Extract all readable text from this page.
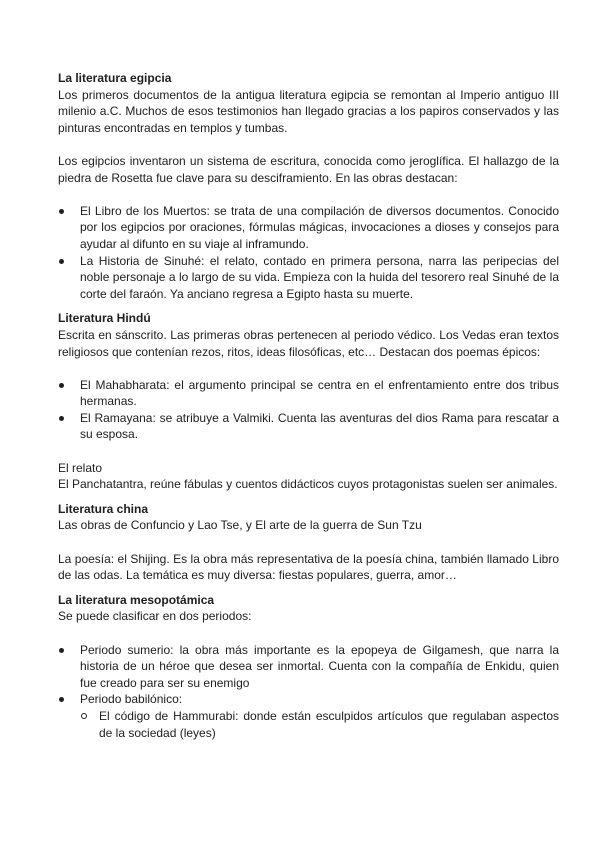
La literatura egipcia

Los primeros documentos de la antigua literatura egipcia se remontan al Imperio antiguo III milenio a.C. Muchos de esos testimonios han llegado gracias a los papiros conservados y las pinturas encontradas en templos y tumbas.

Los egipcios inventaron un sistema de escritura, conocida como jeroglífica. El hallazgo de la piedra de Rosetta fue clave para su desciframiento. En las obras destacan:

El Libro de los Muertos: se trata de una compilación de diversos documentos. Conocido por los egipcios por oraciones, fórmulas mágicas, invocaciones a dioses y consejos para ayudar al difunto en su viaje al inframundo.
La Historia de Sinuhé: el relato, contado en primera persona, narra las peripecias del noble personaje a lo largo de su vida. Empieza con la huida del tesorero real Sinuhé de la corte del faraón. Ya anciano regresa a Egipto hasta su muerte.
Literatura Hindú

Escrita en sánscrito. Las primeras obras pertenecen al periodo védico. Los Vedas eran textos religiosos que contenían rezos, ritos, ideas filosóficas, etc… Destacan dos poemas épicos:

El Mahabharata: el argumento principal se centra en el enfrentamiento entre dos tribus hermanas.
El Ramayana: se atribuye a Valmiki. Cuenta las aventuras del dios Rama para rescatar a su esposa.

El relato

El Panchatantra, reúne fábulas y cuentos didácticos cuyos protagonistas suelen ser animales.

Literatura china

Las obras de Confuncio y Lao Tse, y El arte de la guerra de Sun Tzu

La poesía: el Shijing. Es la obra más representativa de la poesía china, también llamado Libro de las odas. La temática es muy diversa: fiestas populares, guerra, amor…

La literatura mesopotámica

Se puede clasificar en dos periodos:

Periodo sumerio: la obra más importante es la epopeya de Gilgamesh, que narra la historia de un héroe que desea ser inmortal. Cuenta con la compañía de Enkidu, quien fue creado para ser su enemigo
Periodo babilónico:
El código de Hammurabi: donde están esculpidos artículos que regulaban aspectos de la sociedad (leyes)
